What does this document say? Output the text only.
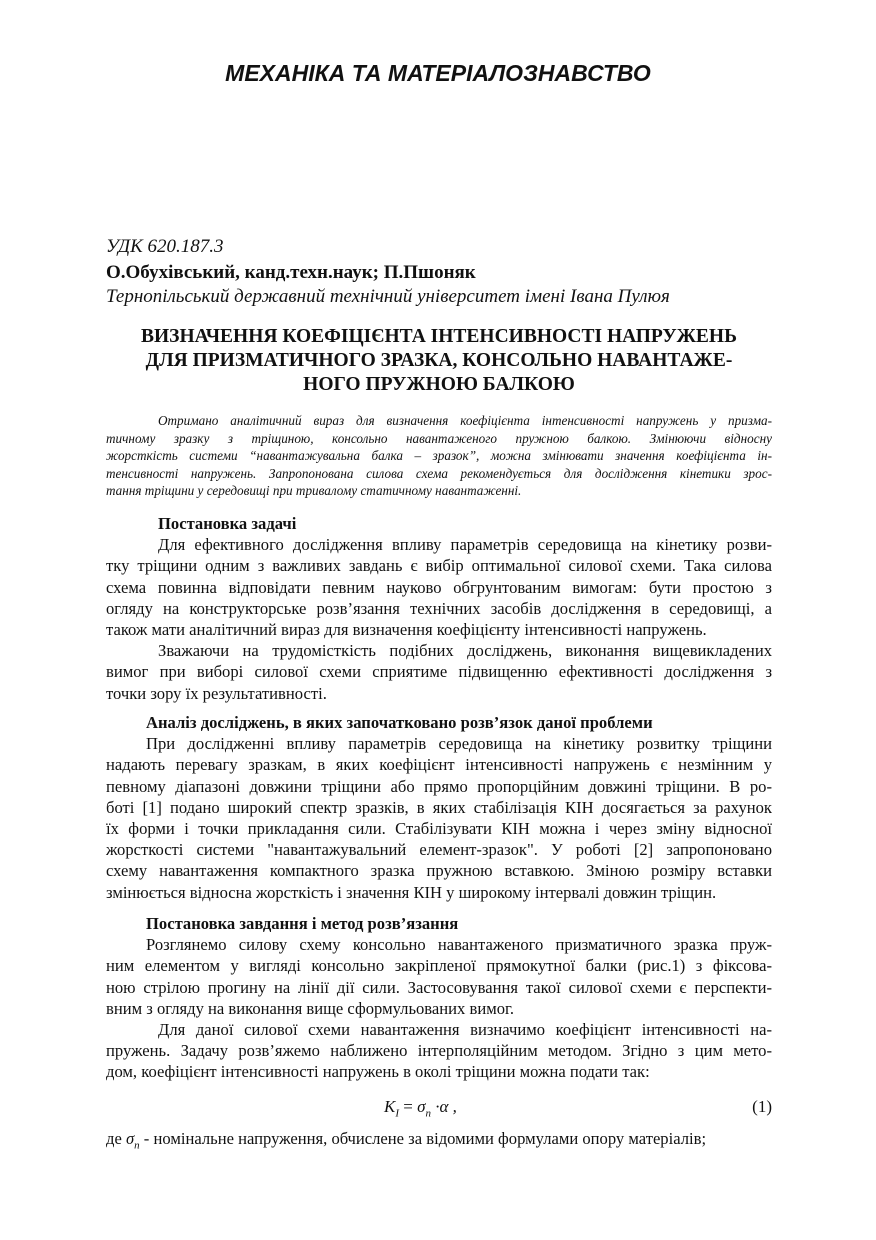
МЕХАНІКА ТА МАТЕРІАЛОЗНАВСТВО
УДК 620.187.3
О.Обухівський, канд.техн.наук; П.Пшоняк
Тернопільський державний технічний університет імені Івана Пулюя
ВИЗНАЧЕННЯ КОЕФІЦІЄНТА ІНТЕНСИВНОСТІ НАПРУЖЕНЬ
ДЛЯ ПРИЗМАТИЧНОГО ЗРАЗКА, КОНСОЛЬНО НАВАНТАЖЕ-
НОГО ПРУЖНОЮ БАЛКОЮ
Отримано аналітичний вираз для визначення коефіцієнта інтенсивності напружень у призма-
тичному зразку з тріщиною, консольно навантаженого пружною балкою. Змінюючи відносну
жорсткість системи “навантажувальна балка – зразок”, можна змінювати значення коефіцієнта ін-
тенсивності напружень. Запропонована силова схема рекомендується для дослідження кінетики зрос-
тання тріщини у середовищі при тривалому статичному навантаженні.
Постановка задачі
Для ефективного дослідження впливу параметрів середовища на кінетику розви-
тку тріщини одним з важливих завдань є вибір оптимальної силової схеми. Така силова
схема повинна відповідати певним науково обгрунтованим вимогам: бути простою з
огляду на конструкторське розв’язання технічних засобів дослідження в середовищі, а
також мати аналітичний вираз для визначення коефіцієнту інтенсивності напружень.
Зважаючи на трудомісткість подібних досліджень, виконання вищевикладених
вимог при виборі силової схеми сприятиме підвищенню ефективності дослідження з
точки зору їх результативності.
Аналіз досліджень, в яких започатковано розв’язок даної проблеми
При дослідженні впливу параметрів середовища на кінетику розвитку тріщини
надають перевагу зразкам, в яких коефіцієнт інтенсивності напружень є незмінним у
певному діапазоні довжини тріщини або прямо пропорційним довжині тріщини. В ро-
боті [1] подано широкий спектр зразків, в яких стабілізація КІН досягається за рахунок
їх форми і точки прикладання сили. Стабілізувати КІН можна і через зміну відносної
жорсткості системи "навантажувальний елемент-зразок". У роботі [2] запропоновано
схему навантаження компактного зразка пружною вставкою. Зміною розміру вставки
змінюється відносна жорсткість і значення КІН у широкому інтервалі довжин тріщин.
Постановка завдання і метод розв’язання
Розглянемо силову схему консольно навантаженого призматичного зразка пруж-
ним елементом у вигляді консольно закріпленої прямокутної балки (рис.1) з фіксова-
ною стрілою прогину на лінії дії сили. Застосовування такої силової схеми є перспекти-
вним з огляду на виконання вище сформульованих вимог.
Для даної силової схеми навантаження визначимо коефіцієнт інтенсивності на-
пружень. Задачу розв’яжемо наближено інтерполяційним методом. Згідно з цим мето-
дом, коефіцієнт інтенсивності напружень в околі тріщини можна подати так:
$K_I = \sigma_n \cdot\alpha$ ,	(1)
де $\sigma_n$ - номінальне напруження, обчислене за відомими формулами опору матеріалів;
